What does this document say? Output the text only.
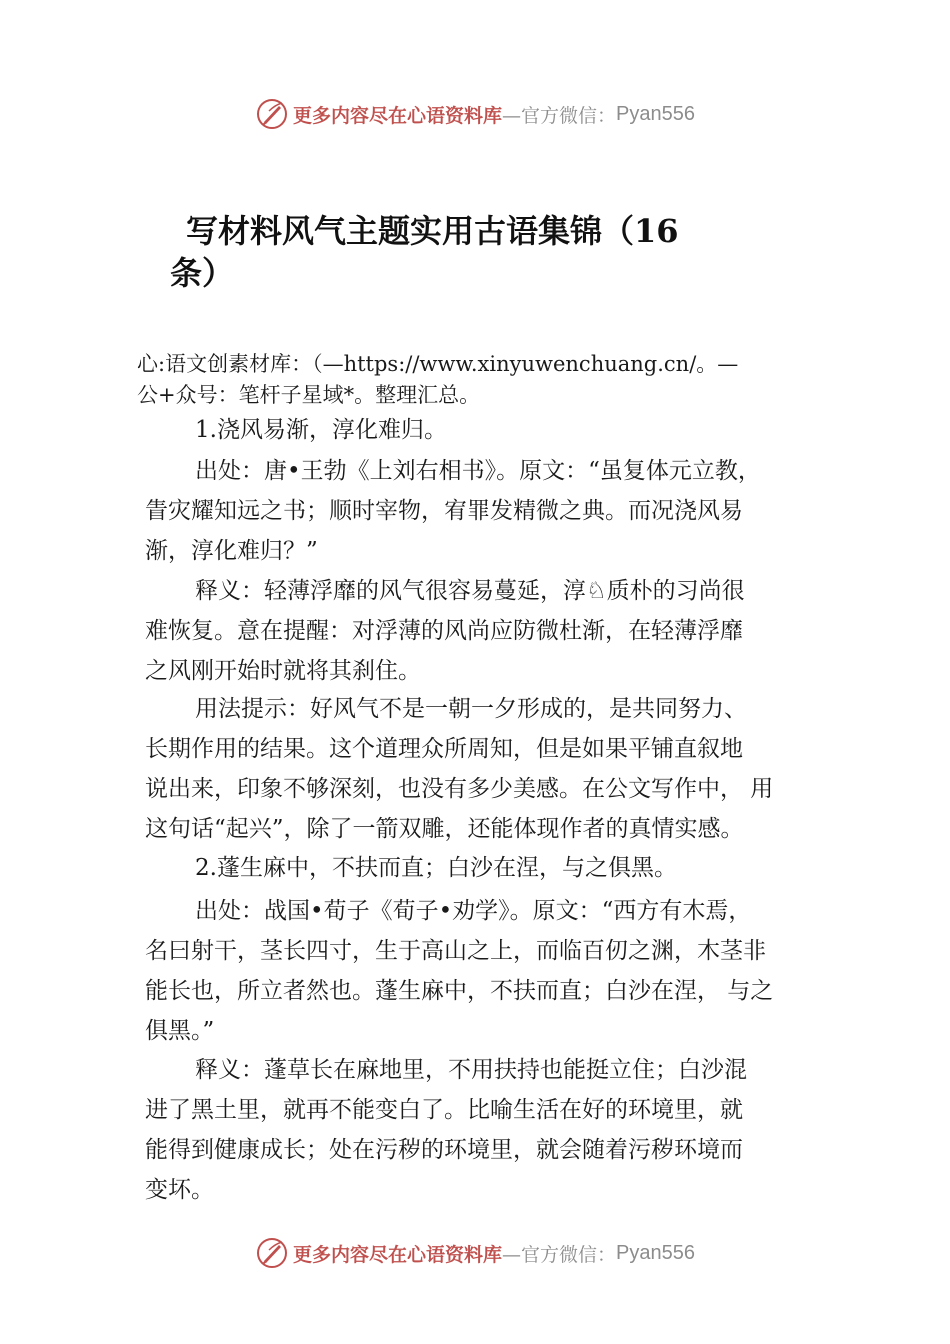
更多内容尽在心语资料库 —官方微信： Pyan556
写材料风气主题实用古语集锦（16
条）
心:语文创素材库：（—https://www.xinyuwenchuang.cn/。—
公+众号：笔杆子星域*。整理汇总。
1.浇风易渐，淳化难归。
出处：唐•王勃《上刘右相书》。原文：“虽复体元立教，
眚灾耀知远之书；顺时宰物，宥罪发精微之典。而况浇风易
渐，淳化难归？”
释义：轻薄浮靡的风气很容易蔓延，淳♘质朴的习尚很
难恢复。意在提醒：对浮薄的风尚应防微杜渐，在轻薄浮靡
之风刚开始时就将其刹住。
用法提示：好风气不是一朝一夕形成的，是共同努力、
长期作用的结果。这个道理众所周知，但是如果平铺直叙地
说出来，印象不够深刻，也没有多少美感。在公文写作中， 用
这句话“起兴”，除了一箭双雕，还能体现作者的真情实感。
2.蓬生麻中，不扶而直；白沙在涅，与之俱黑。
出处：战国•荀子《荀子•劝学》。原文：“西方有木焉，
名曰射干，茎长四寸，生于高山之上，而临百仞之渊，木茎非
能长也，所立者然也。蓬生麻中，不扶而直；白沙在涅， 与之
俱黑。”
释义：蓬草长在麻地里，不用扶持也能挺立住；白沙混
进了黑土里，就再不能变白了。比喻生活在好的环境里，就
能得到健康成长；处在污秽的环境里，就会随着污秽环境而
变坏。
更多内容尽在心语资料库 —官方微信： Pyan556
